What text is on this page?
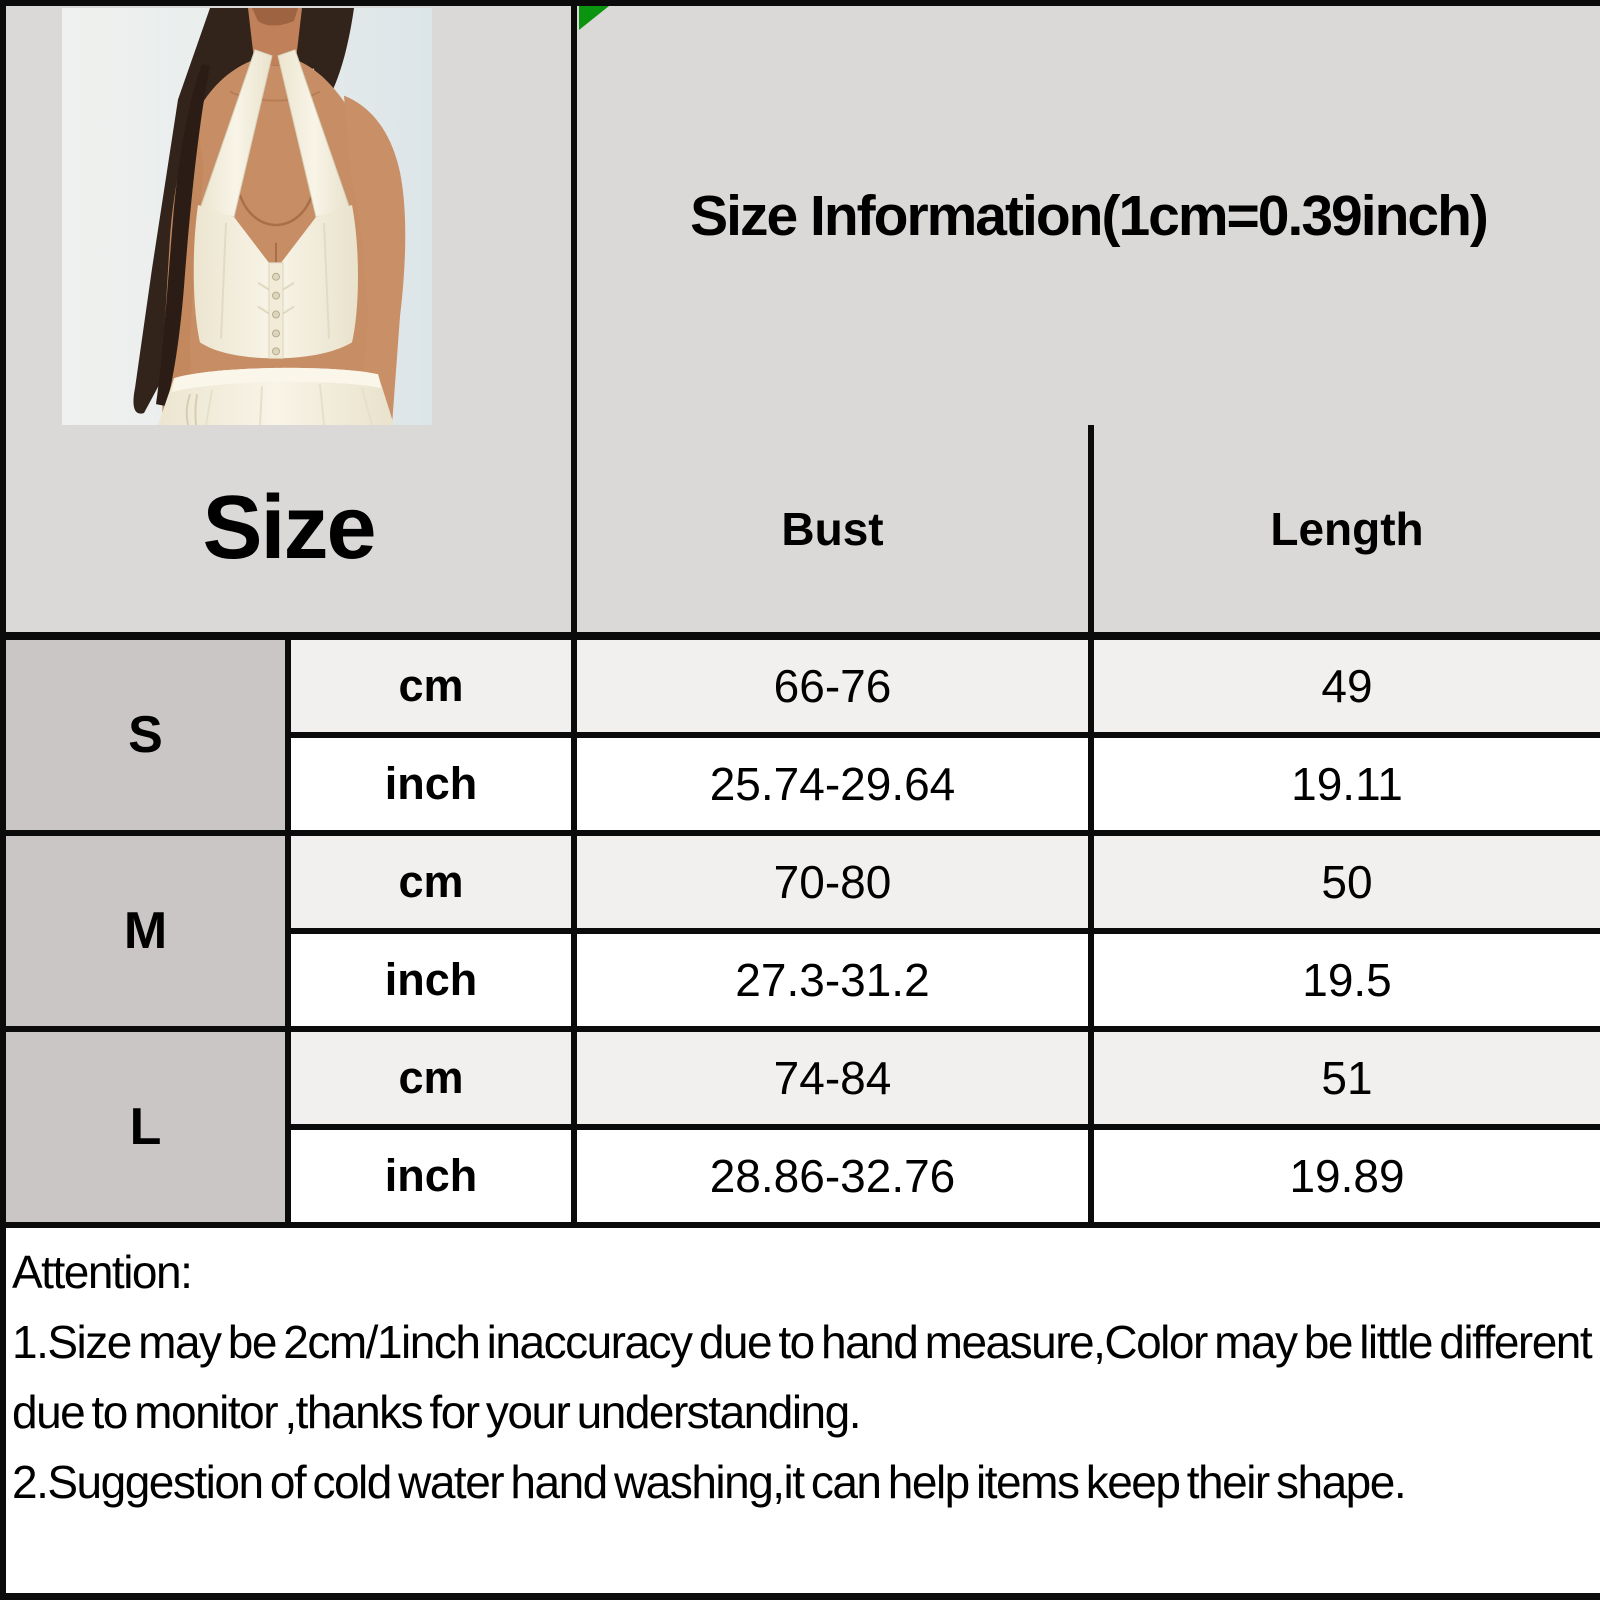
Size Information(1cm=0.39inch)
Size	Bust	Length
S
cm	66-76	49
inch	25.74-29.64	19.11
M
cm	70-80	50
inch	27.3-31.2	19.5
L
cm	74-84	51
inch	28.86-32.76	19.89
Attention:
1.Size may be 2cm/1inch inaccuracy due to hand measure,Color may be little different due to monitor ,thanks for your understanding.
2.Suggestion of cold water hand washing,it can help items keep their shape.
